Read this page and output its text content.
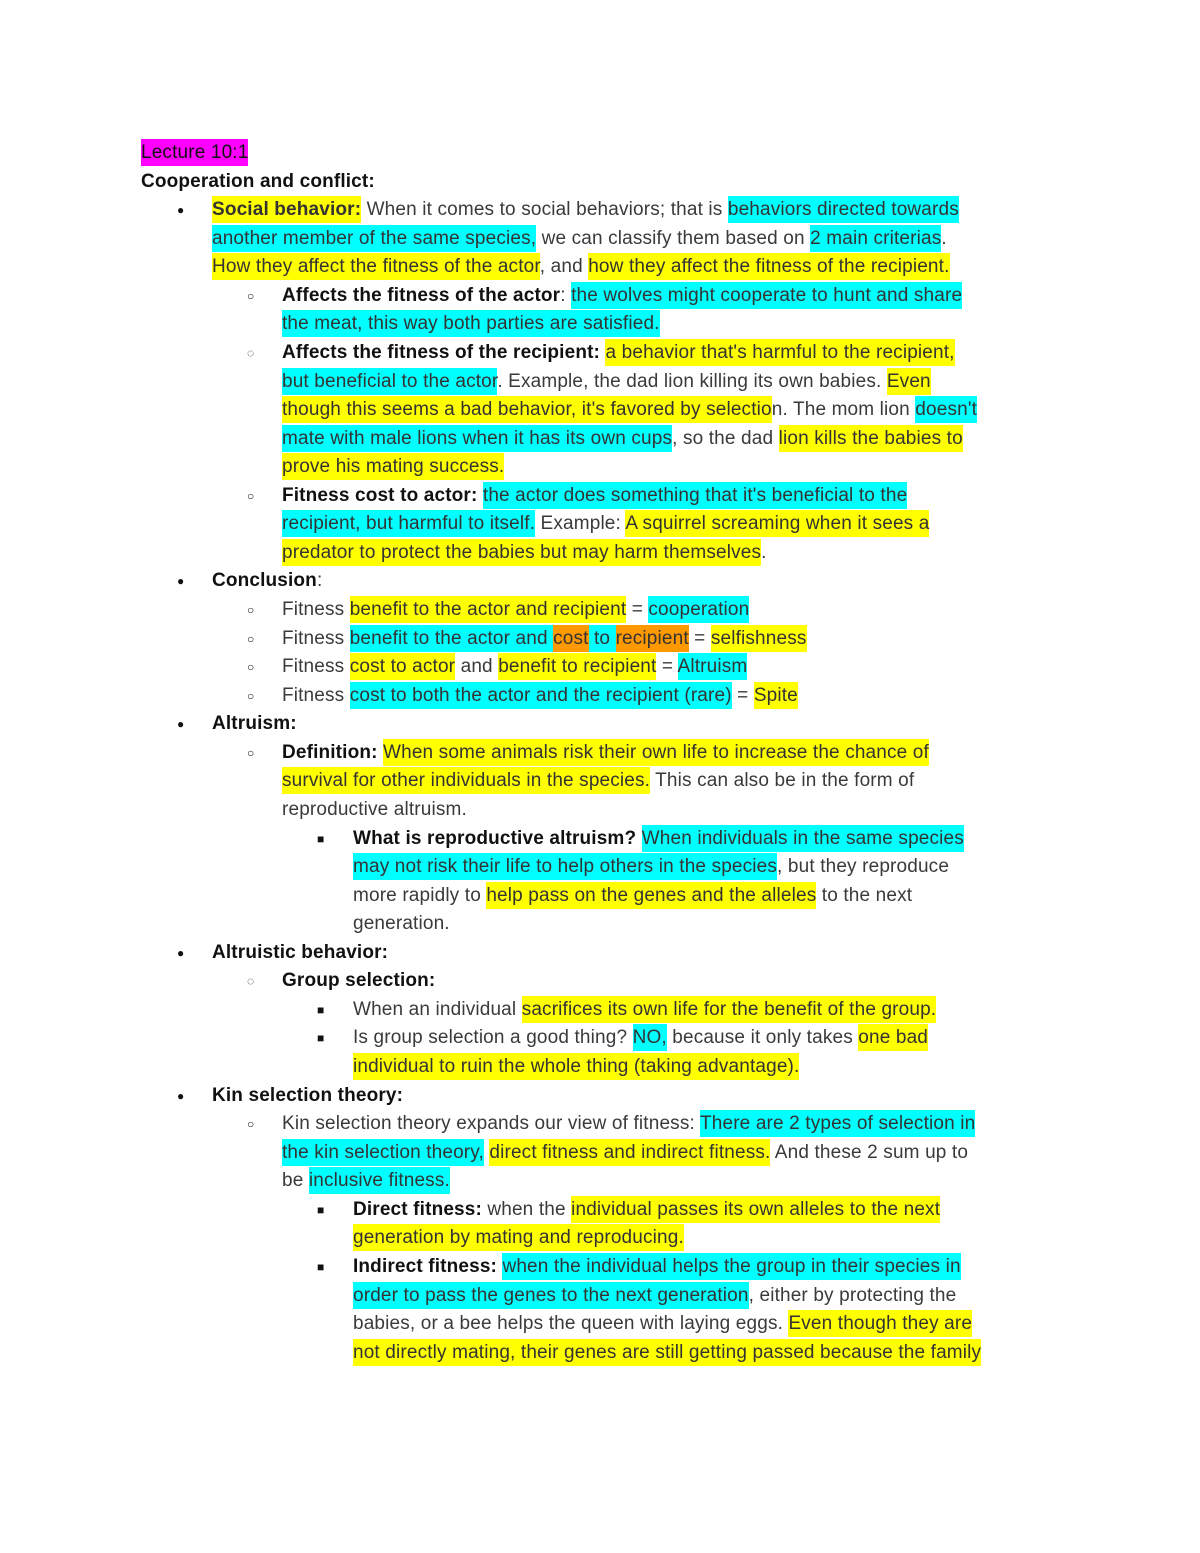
Lecture 10:1
Cooperation and conflict:
● Social behavior: When it comes to social behaviors; that is behaviors directed towards
another member of the same species, we can classify them based on 2 main criterias.
How they affect the fitness of the actor, and how they affect the fitness of the recipient.
○ Affects the fitness of the actor: the wolves might cooperate to hunt and share
the meat, this way both parties are satisfied.
◌ Affects the fitness of the recipient: a behavior that's harmful to the recipient,
but beneficial to the actor. Example, the dad lion killing its own babies. Even
though this seems a bad behavior, it's favored by selection. The mom lion doesn't
mate with male lions when it has its own cups, so the dad lion kills the babies to
prove his mating success.
○ Fitness cost to actor: the actor does something that it's beneficial to the
recipient, but harmful to itself. Example: A squirrel screaming when it sees a
predator to protect the babies but may harm themselves.
● Conclusion:
○ Fitness benefit to the actor and recipient = cooperation
○ Fitness benefit to the actor and cost to recipient = selfishness
○ Fitness cost to actor and benefit to recipient = Altruism
○ Fitness cost to both the actor and the recipient (rare) = Spite
● Altruism:
○ Definition: When some animals risk their own life to increase the chance of
survival for other individuals in the species. This can also be in the form of
reproductive altruism.
■ What is reproductive altruism? When individuals in the same species
may not risk their life to help others in the species, but they reproduce
more rapidly to help pass on the genes and the alleles to the next
generation.
● Altruistic behavior:
◌ Group selection:
■ When an individual sacrifices its own life for the benefit of the group.
■ Is group selection a good thing? NO, because it only takes one bad
individual to ruin the whole thing (taking advantage).
● Kin selection theory:
○ Kin selection theory expands our view of fitness: There are 2 types of selection in
the kin selection theory, direct fitness and indirect fitness. And these 2 sum up to
be inclusive fitness.
■ Direct fitness: when the individual passes its own alleles to the next
generation by mating and reproducing.
■ Indirect fitness: when the individual helps the group in their species in
order to pass the genes to the next generation, either by protecting the
babies, or a bee helps the queen with laying eggs. Even though they are
not directly mating, their genes are still getting passed because the family
